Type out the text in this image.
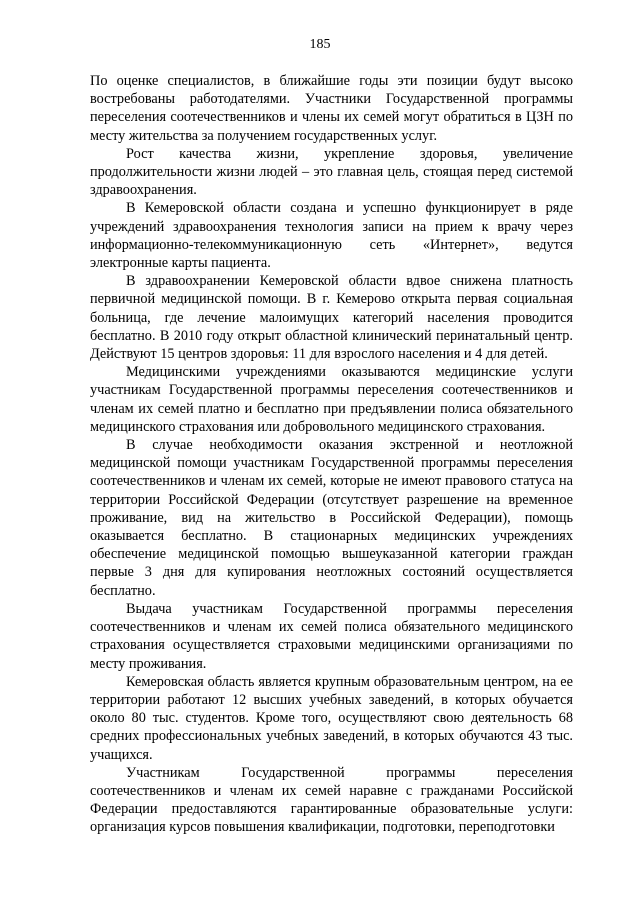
185

По оценке специалистов, в ближайшие годы эти позиции будут высоко востребованы работодателями. Участники Государственной программы переселения соотечественников и члены их семей могут обратиться в ЦЗН по месту жительства за получением государственных услуг.

Рост качества жизни, укрепление здоровья, увеличение продолжительности жизни людей – это главная цель, стоящая перед системой здравоохранения.

В Кемеровской области создана и успешно функционирует в ряде учреждений здравоохранения технология записи на прием к врачу через информационно-телекоммуникационную сеть «Интернет», ведутся электронные карты пациента.

В здравоохранении Кемеровской области вдвое снижена платность первичной медицинской помощи. В г. Кемерово открыта первая социальная больница, где лечение малоимущих категорий населения проводится бесплатно. В 2010 году открыт областной клинический перинатальный центр. Действуют 15 центров здоровья: 11 для взрослого населения и 4 для детей.

Медицинскими учреждениями оказываются медицинские услуги участникам Государственной программы переселения соотечественников и членам их семей платно и бесплатно при предъявлении полиса обязательного медицинского страхования или добровольного медицинского страхования.

В случае необходимости оказания экстренной и неотложной медицинской помощи участникам Государственной программы переселения соотечественников и членам их семей, которые не имеют правового статуса на территории Российской Федерации (отсутствует разрешение на временное проживание, вид на жительство в Российской Федерации), помощь оказывается бесплатно. В стационарных медицинских учреждениях обеспечение медицинской помощью вышеуказанной категории граждан первые 3 дня для купирования неотложных состояний осуществляется бесплатно.

Выдача участникам Государственной программы переселения соотечественников и членам их семей полиса обязательного медицинского страхования осуществляется страховыми медицинскими организациями по месту проживания.

Кемеровская область является крупным образовательным центром, на ее территории работают 12 высших учебных заведений, в которых обучается около 80 тыс. студентов. Кроме того, осуществляют свою деятельность 68 средних профессиональных учебных заведений, в которых обучаются 43 тыс. учащихся.

Участникам Государственной программы переселения соотечественников и членам их семей наравне с гражданами Российской Федерации предоставляются гарантированные образовательные услуги: организация курсов повышения квалификации, подготовки, переподготовки
